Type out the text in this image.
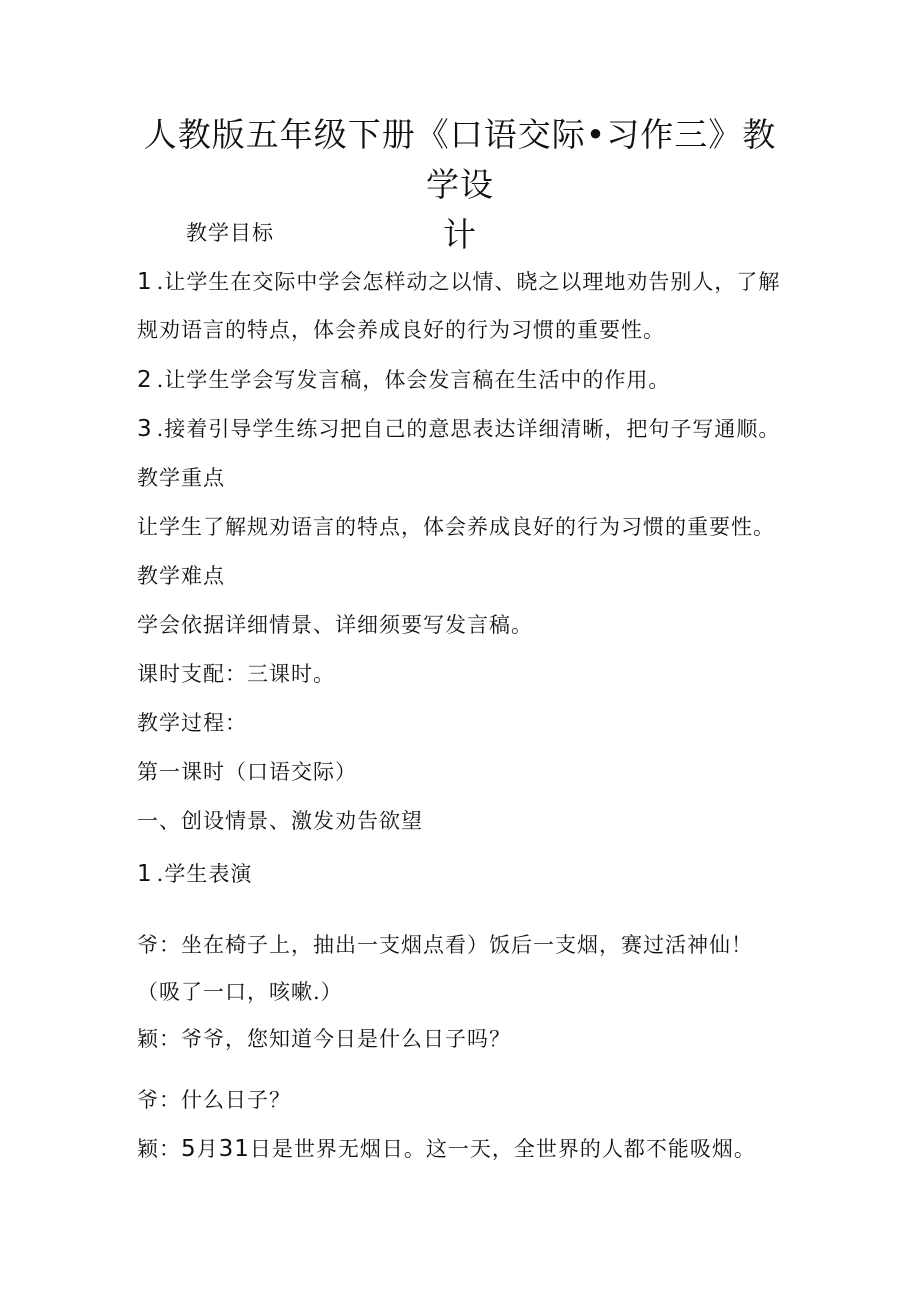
人教版五年级下册《口语交际•习作三》教学设
计

教学目标

1 .让学生在交际中学会怎样动之以情、晓之以理地劝告别人，了解

规劝语言的特点，体会养成良好的行为习惯的重要性。

2 .让学生学会写发言稿，体会发言稿在生活中的作用。

3 .接着引导学生练习把自己的意思表达详细清晰，把句子写通顺。

教学重点

让学生了解规劝语言的特点，体会养成良好的行为习惯的重要性。

教学难点

学会依据详细情景、详细须要写发言稿。

课时支配：三课时。

教学过程：

第一课时（口语交际）

一、创设情景、激发劝告欲望

1 .学生表演

爷：坐在椅子上，抽出一支烟点看）饭后一支烟，赛过活神仙！

（吸了一口，咳嗽.）

颖：爷爷，您知道今日是什么日子吗？

爷：什么日子？

颖：5月31日是世界无烟日。这一天，全世界的人都不能吸烟。
